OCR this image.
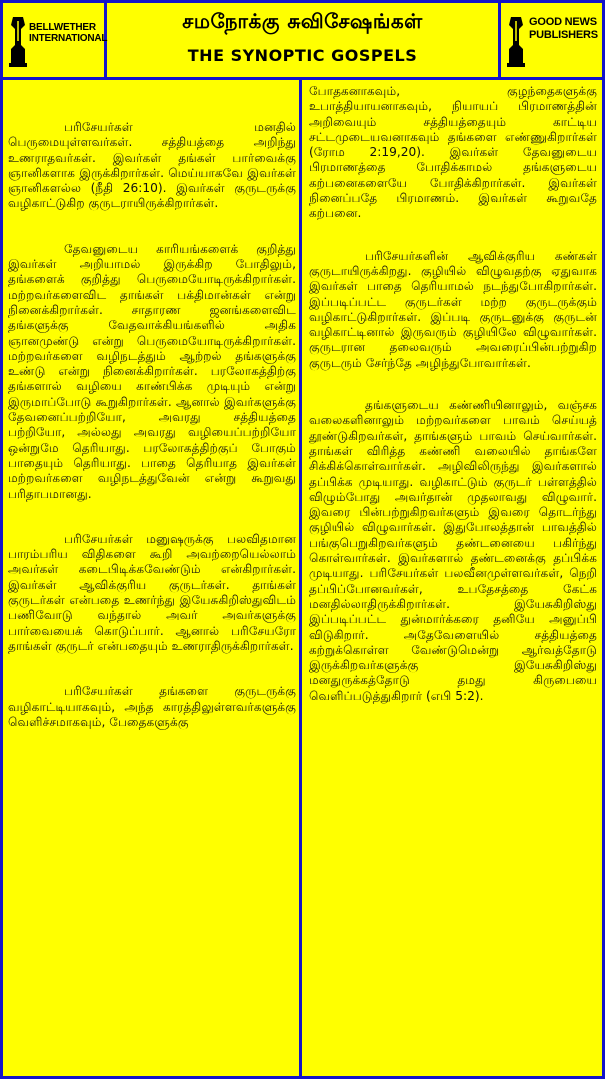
BELLWETHER INTERNATIONAL
சமநோக்கு சுவிசேஷங்கள்
THE SYNOPTIC GOSPELS
GOOD NEWS PUBLISHERS

பரிசேயர்கள் மனதில் பெருமையுள்ளவர்கள். சத்தியத்தை அறிந்து உணராதவர்கள். இவர்கள் தங்கள் பார்வைக்கு ஞானிகளாக இருக்கிறார்கள். மெய்யாகவே இவர்கள் ஞானிகளல்ல (நீதி 26:10). இவர்கள் குருடருக்கு வழிகாட்டுகிற குருடராயிருக்கிறார்கள்.

தேவனுடைய காரியங்களைக் குறித்து இவர்கள் அறியாமல் இருக்கிற போதிலும், தங்களைக் குறித்து பெருமையோடிருக்கிறார்கள். மற்றவர்களைவிட தாங்கள் பக்திமான்கள் என்று நினைக்கிறார்கள். சாதாரண ஜனங்களைவிட தங்களுக்கு வேதவாக்கியங்களில் அதிக ஞானமுண்டு என்று பெருமையோடிருக்கிறார்கள். மற்றவர்களை வழிநடத்தும் ஆற்றல் தங்களுக்கு உண்டு என்று நினைக்கிறார்கள். பரலோகத்திற்கு தங்களால் வழியை காண்பிக்க முடியும் என்று இருமாப்போடு கூறுகிறார்கள். ஆனால் இவர்களுக்கு தேவனைப்பற்றியோ, அவரது சத்தியத்தை பற்றியோ, அல்லது அவரது வழியைப்பற்றியோ ஒன்றுமே தெரியாது. பரலோகத்திற்குப் போகும் பாதையும் தெரியாது. பாதை தெரியாத இவர்கள் மற்றவர்களை வழிநடத்துவேன் என்று கூறுவது பரிதாபமானது.

பரிசேயர்கள் மனுஷருக்கு பலவிதமான பாரம்பரிய விதிகளை கூறி அவற்றையெல்லாம் அவர்கள் கடைபிடிக்கவேண்டும் என்கிறார்கள். இவர்கள் ஆவிக்குரிய குருடர்கள். தாங்கள் குருடர்கள் என்பதை உணர்ந்து இயேசுகிறிஸ்துவிடம் பணிவோடு வந்தால் அவர் அவர்களுக்கு பார்வையைக் கொடுப்பார். ஆனால் பரிசேயரோ தாங்கள் குருடர் என்பதையும் உணராதிருக்கிறார்கள்.

பரிசேயர்கள் தங்களை குருடருக்கு வழிகாட்டியாகவும், அந்த காரத்திலுள்ளவர்களுக்கு வெளிச்சமாகவும், பேதைகளுக்கு

போதகனாகவும், குழந்தைகளுக்கு உபாத்தியாயனாகவும், நியாயப் பிரமாணத்தின் அறிவையும் சத்தியத்தையும் காட்டிய சட்டமுடையவனாகவும் தங்களை எண்ணுகிறார்கள் (ரோம 2:19,20). இவர்கள் தேவனுடைய பிரமாணத்தை போதிக்காமல் தங்களுடைய கற்பனைகளையே போதிக்கிறார்கள். இவர்கள் நினைப்பதே பிரமாணம். இவர்கள் கூறுவதே கற்பனை.

பரிசேயர்களின் ஆவிக்குரிய கண்கள் குருடாயிருக்கிறது. குழியில் விழுவதற்கு ஏதுவாக இவர்கள் பாதை தெரியாமல் நடந்துபோகிறார்கள். இப்படிப்பட்ட குருடர்கள் மற்ற குருடருக்கும் வழிகாட்டுகிறார்கள். இப்படி குருடனுக்கு குருடன் வழிகாட்டினால் இருவரும் குழியிலே விழுவார்கள். குருடரான தலைவரும் அவரைப்பின்பற்றுகிற குருடரும் சேர்ந்தே அழிந்துபோவார்கள்.

தங்களுடைய கண்ணியினாலும், வஞ்சக வலைகளினாலும் மற்றவர்களை பாவம் செய்யத் தூண்டுகிறவர்கள், தாங்களும் பாவம் செய்வார்கள். தாங்கள் விரித்த கண்ணி வலையில் தாங்களே சிக்கிக்கொள்வார்கள். அழிவிலிருந்து இவர்களால் தப்பிக்க முடியாது. வழிகாட்டும் குருடர் பள்ளத்தில் விழும்போது அவர்தான் முதலாவது விழுவார். இவரை பின்பற்றுகிறவர்களும் இவரை தொடர்ந்து குழியில் விழுவார்கள். இதுபோலத்தான் பாவத்தில் பங்குபெறுகிறவர்களும் தண்டனையை பகிர்ந்து கொள்வார்கள். இவர்களால் தண்டனைக்கு தப்பிக்க முடியாது. பரிசேயர்கள் பலவீனமுள்ளவர்கள், நெறி தப்பிப்போனவர்கள், உபதேசத்தை கேட்க மனதில்லாதிருக்கிறார்கள். இயேசுகிறிஸ்து இப்படிப்பட்ட துன்மார்க்கரை தனியே அனுப்பி விடுகிறார். அதேவேளையில் சத்தியத்தை கற்றுக்கொள்ள வேண்டுமென்று ஆர்வத்தோடு இருக்கிறவர்களுக்கு இயேசுகிறிஸ்து மனதுருக்கத்தோடு தமது கிருபையை வெளிப்படுத்துகிறார் (எபி 5:2).
